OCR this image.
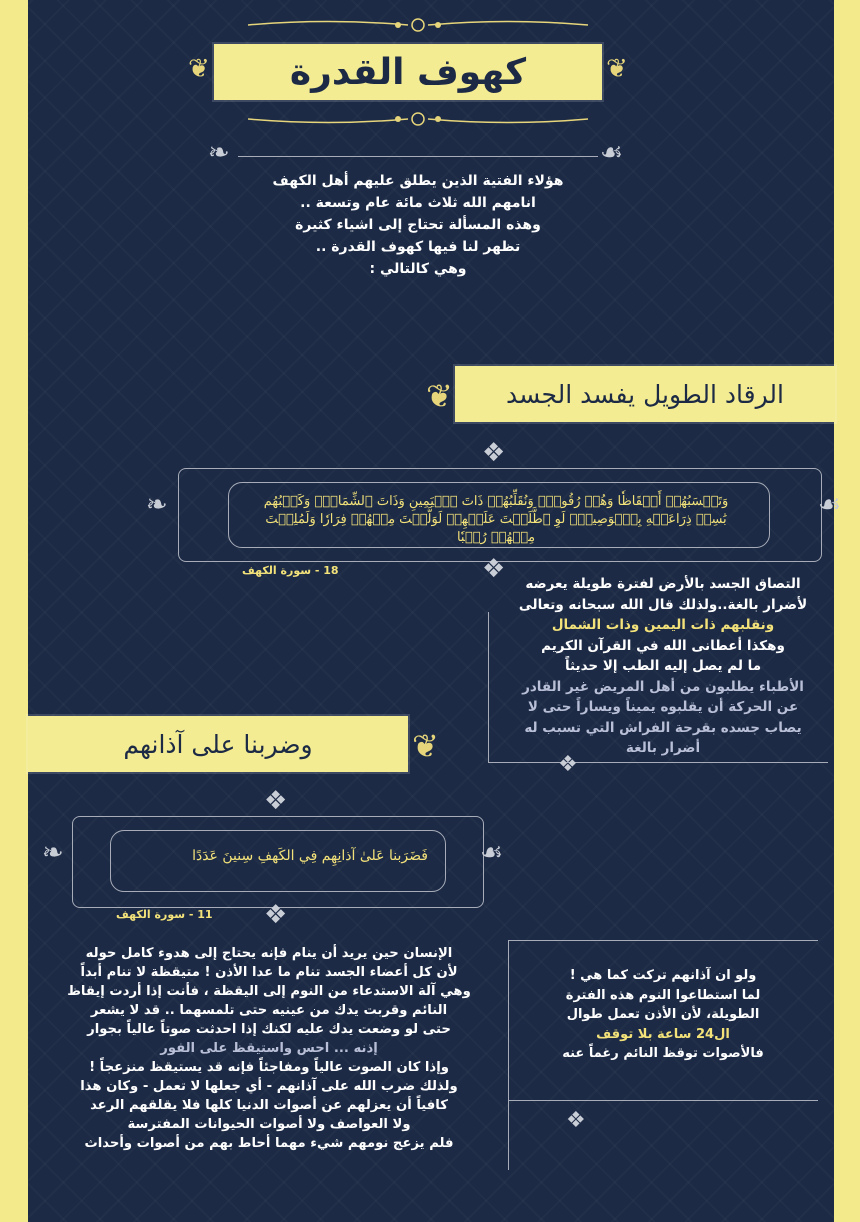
❦	❦
كهوف القدرة
❧	☙
هؤلاء الفتية الذين يطلق عليهم أهل الكهف
انامهم الله ثلاث مائة عام وتسعة ..
وهذه المسألة تحتاج إلى اشياء كثيرة
تظهر لنا فيها كهوف القدرة ..
وهي كالتالي :
❦	الرقاد الطويل يفسد الجسد
❧	☙
❖
❖
وَتَحۡسَبُهُمۡ أَيۡقَاظٗا وَهُمۡ رُقُودٞۚ وَنُقَلِّبُهُمۡ ذَاتَ ٱلۡيَمِينِ وَذَاتَ ٱلشِّمَالِۖ وَكَلۡبُهُم بَٰسِطٞ ذِرَاعَيۡهِ بِٱلۡوَصِيدِۚ لَوِ ٱطَّلَعۡتَ عَلَيۡهِمۡ لَوَلَّيۡتَ مِنۡهُمۡ فِرَارٗا وَلَمُلِئۡتَ مِنۡهُمۡ رُعۡبٗا
18 - سورة الكهف
❖
التصاق الجسد بالأرض لفترة طويلة يعرضه
لأضرار بالغة..ولذلك قال الله سبحانه وتعالى
ونقلبهم ذات اليمين وذات الشمال
وهكذا أعطانى الله في القرآن الكريم
ما لم يصل إليه الطب إلا حديثاً
الأطباء يطلبون من أهل المريض غير القادر
عن الحركة أن يقلبوه يميناً ويساراً حتى لا
يصاب جسده بقرحة الفراش التي تسبب له
أضرار بالغة
وضربنا على آذانهم	❦
❧	☙
❖
❖
فَضَرَبنا عَلىٰ آذانِهِم فِي الكَهفِ سِنينَ عَدَدًا
11 - سورة الكهف
الإنسان حين يريد أن ينام فإنه يحتاج إلى هدوء كامل حوله
لأن كل أعضاء الجسد تنام ما عدا الأذن ! متيقظة لا تنام أبداً
وهي آلة الاستدعاء من النوم إلى اليقظة ، فأنت إذا أردت إيقاظ
النائم وقربت يدك من عينيه حتى تلمسهما .. قد لا يشعر
حتى لو وضعت يدك عليه لكنك إذا احدثت صوتاً عالياً بجوار
إذنه ... احس واستيقظ على الفور
وإذا كان الصوت عالياً ومفاجئاً فإنه قد يستيقظ منزعجاً !
ولذلك ضرب الله على آذانهم - أي جعلها لا تعمل - وكان هذا
كافياً أن يعزلهم عن أصوات الدنيا كلها فلا يقلقهم الرعد
ولا العواصف ولا أصوات الحيوانات المفترسة
فلم يزعج نومهم شيء مهما أحاط بهم من أصوات وأحداث
❖
ولو ان آذانهم تركت كما هي !
لما استطاعوا النوم هذه الفترة
الطويلة، لأن الأذن تعمل طوال
ال24 ساعة بلا توقف
فالأصوات توقظ النائم رغماً عنه
